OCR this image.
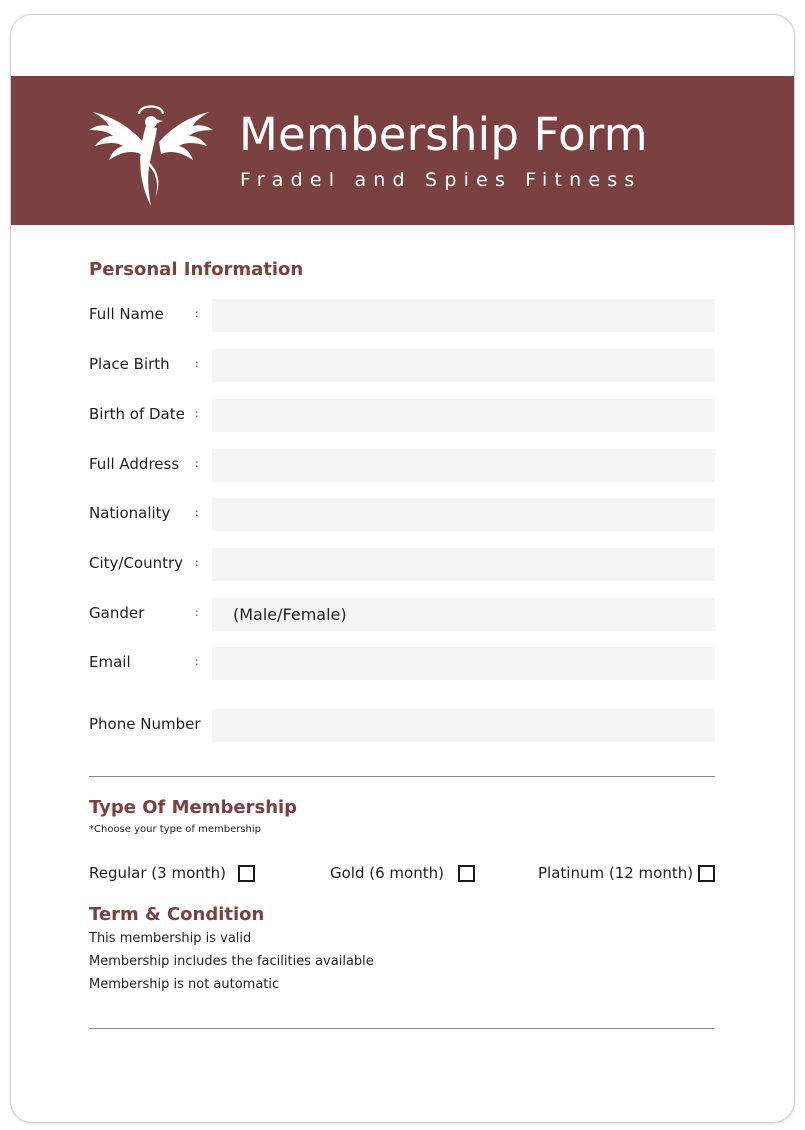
Membership Form
Fradel and Spies Fitness
Personal Information
Full Name	:
Place Birth :
Birth of Date :
Full Address :
Nationality :
City/Country :
Gander	:	(Male/Female)
Email	:
Phone Number
Type Of Membership
*Choose your type of membership
Regular (3 month)	Gold (6 month)	Platinum (12 month)
Term & Condition
This membership is valid
Membership includes the facilities available
Membership is not automatic
